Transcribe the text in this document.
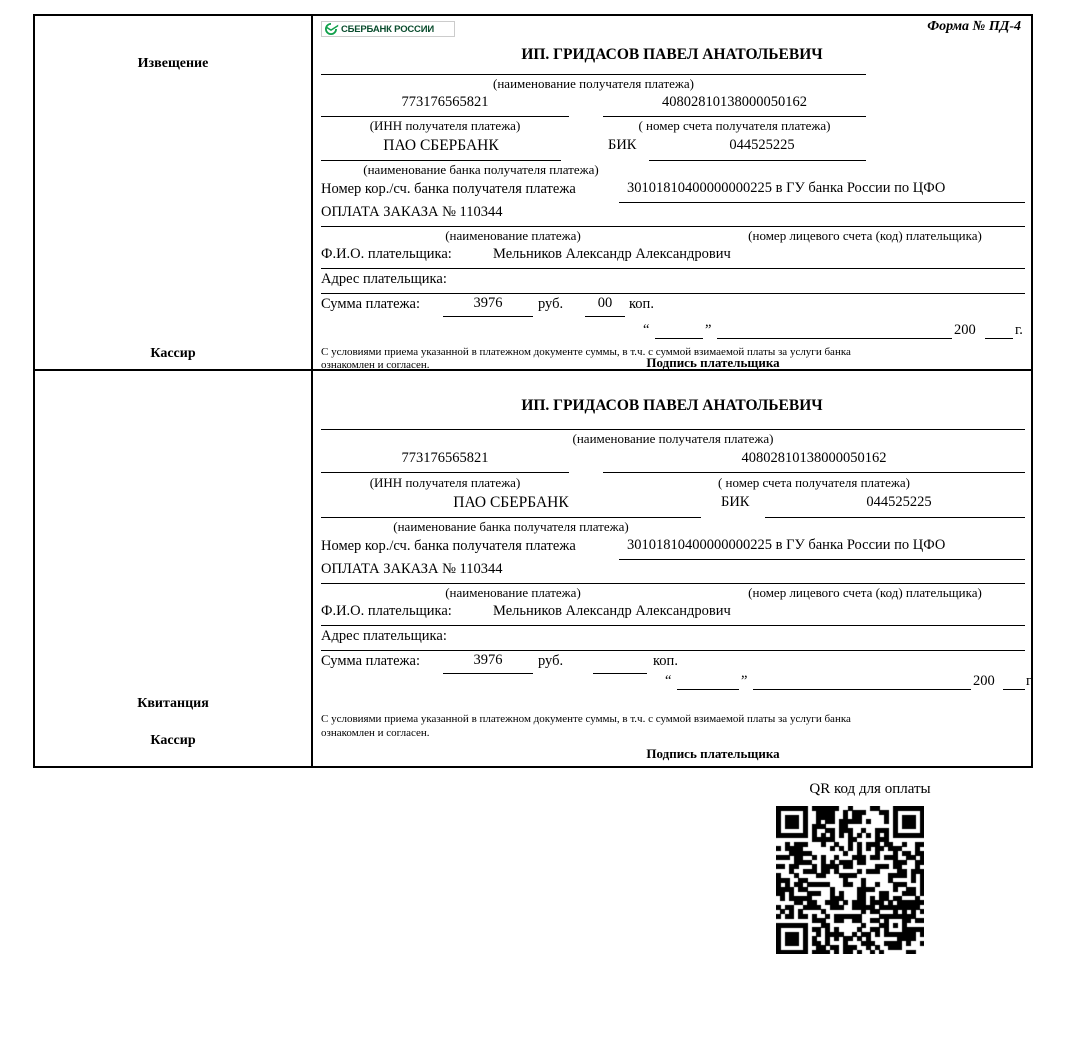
Извещение
Кассир
СБЕРБАНК РОССИИ	Форма № ПД-4
ИП. ГРИДАСОВ ПАВЕЛ АНАТОЛЬЕВИЧ
(наименование получателя платежа)
773176565821
(ИНН получателя платежа)
40802810138000050162
( номер счета получателя платежа)
ПАО СБЕРБАНК
(наименование банка получателя платежа)
БИК	044525225
Номер кор./сч. банка получателя платежа	30101810400000000225 в ГУ банка России по ЦФО
ОПЛАТА ЗАКАЗА № 110344
(наименование платежа)	(номер лицевого счета (код) плательщика)
Ф.И.О. плательщика:	Мельников Александр Александрович
Адрес плательщика:
Сумма платежа:	3976	руб.	00	коп.
“	”	200	г.
С условиями приема указанной в платежном документе суммы, в т.ч. с суммой взимаемой платы за услуги банка
ознакомлен и согласен.	Подпись плательщика
Квитанция
Кассир
ИП. ГРИДАСОВ ПАВЕЛ АНАТОЛЬЕВИЧ
(наименование получателя платежа)
773176565821
(ИНН получателя платежа)
40802810138000050162
( номер счета получателя платежа)
ПАО СБЕРБАНК
(наименование банка получателя платежа)
БИК	044525225
Номер кор./сч. банка получателя платежа	30101810400000000225 в ГУ банка России по ЦФО
ОПЛАТА ЗАКАЗА № 110344
(наименование платежа)	(номер лицевого счета (код) плательщика)
Ф.И.О. плательщика:	Мельников Александр Александрович
Адрес плательщика:
Сумма платежа:	3976	руб.	коп.
“	”	200 г.
С условиями приема указанной в платежном документе суммы, в т.ч. с суммой взимаемой платы за услуги банка
ознакомлен и согласен.
Подпись плательщика
QR код для оплаты
